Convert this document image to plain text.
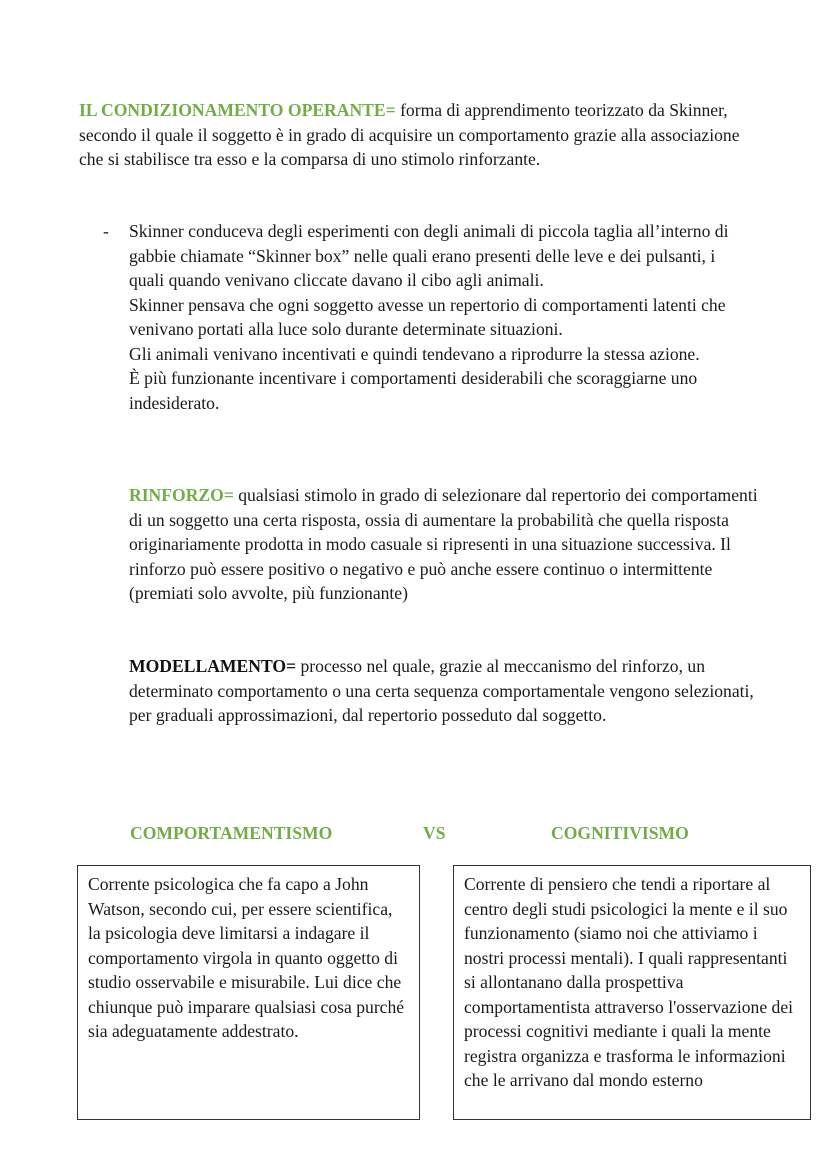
IL CONDIZIONAMENTO OPERANTE= forma di apprendimento teorizzato da Skinner, secondo il quale il soggetto è in grado di acquisire un comportamento grazie alla associazione che si stabilisce tra esso e la comparsa di uno stimolo rinforzante.
- Skinner conduceva degli esperimenti con degli animali di piccola taglia all’interno di gabbie chiamate “Skinner box” nelle quali erano presenti delle leve e dei pulsanti, i quali quando venivano cliccate davano il cibo agli animali.

Skinner pensava che ogni soggetto avesse un repertorio di comportamenti latenti che venivano portati alla luce solo durante determinate situazioni.

Gli animali venivano incentivati e quindi tendevano a riprodurre la stessa azione.

È più funzionante incentivare i comportamenti desiderabili che scoraggiarne uno indesiderato.

RINFORZO= qualsiasi stimolo in grado di selezionare dal repertorio dei comportamenti di un soggetto una certa risposta, ossia di aumentare la probabilità che quella risposta originariamente prodotta in modo casuale si ripresenti in una situazione successiva. Il rinforzo può essere positivo o negativo e può anche essere continuo o intermittente (premiati solo avvolte, più funzionante)
MODELLAMENTO= processo nel quale, grazie al meccanismo del rinforzo, un determinato comportamento o una certa sequenza comportamentale vengono selezionati, per graduali approssimazioni, dal repertorio posseduto dal soggetto.
COMPORTAMENTISMO	VS	COGNITIVISMO
Corrente psicologica che fa capo a John Watson, secondo cui, per essere scientifica, la psicologia deve limitarsi a indagare il comportamento virgola in quanto oggetto di studio osservabile e misurabile. Lui dice che chiunque può imparare qualsiasi cosa purché sia adeguatamente addestrato.
Corrente di pensiero che tendi a riportare al centro degli studi psicologici la mente e il suo funzionamento (siamo noi che attiviamo i nostri processi mentali). I quali rappresentanti si allontanano dalla prospettiva comportamentista attraverso l'osservazione dei processi cognitivi mediante i quali la mente registra organizza e trasforma le informazioni che le arrivano dal mondo esterno
